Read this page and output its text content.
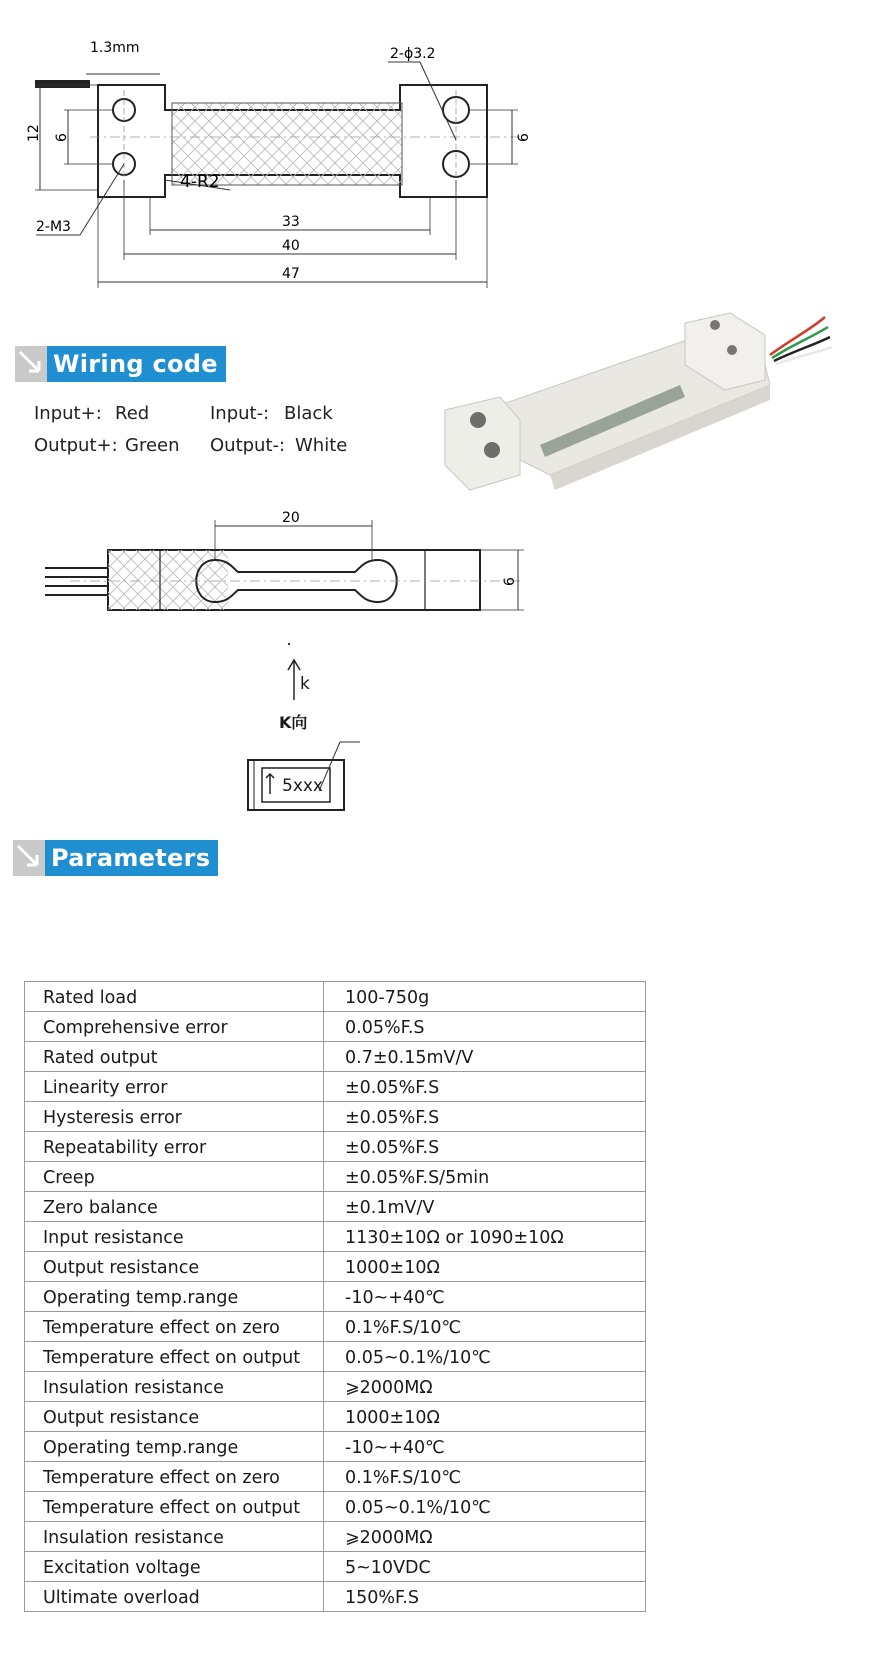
1.3mm	2-ϕ3.2
12 6	6
4-R2
2-M3	33
40
47
Wiring code
Input+: Red	Input-: Black
Output+: Green Output-: White
20
6
k
K向
5xxx
Parameters
Rated load	100-750g
Comprehensive error	0.05%F.S
Rated output	0.7±0.15mV/V
Linearity error	±0.05%F.S
Hysteresis error	±0.05%F.S
Repeatability error	±0.05%F.S
Creep	±0.05%F.S/5min
Zero balance	±0.1mV/V
Input resistance	1130±10Ω or 1090±10Ω
Output resistance	1000±10Ω
Operating temp.range	-10~+40℃
Temperature effect on zero	0.1%F.S/10℃
Temperature effect on output	0.05~0.1%/10℃
Insulation resistance	⩾2000MΩ
Output resistance	1000±10Ω
Operating temp.range	-10~+40℃
Temperature effect on zero	0.1%F.S/10℃
Temperature effect on output	0.05~0.1%/10℃
Insulation resistance	⩾2000MΩ
Excitation voltage	5~10VDC
Ultimate overload	150%F.S
